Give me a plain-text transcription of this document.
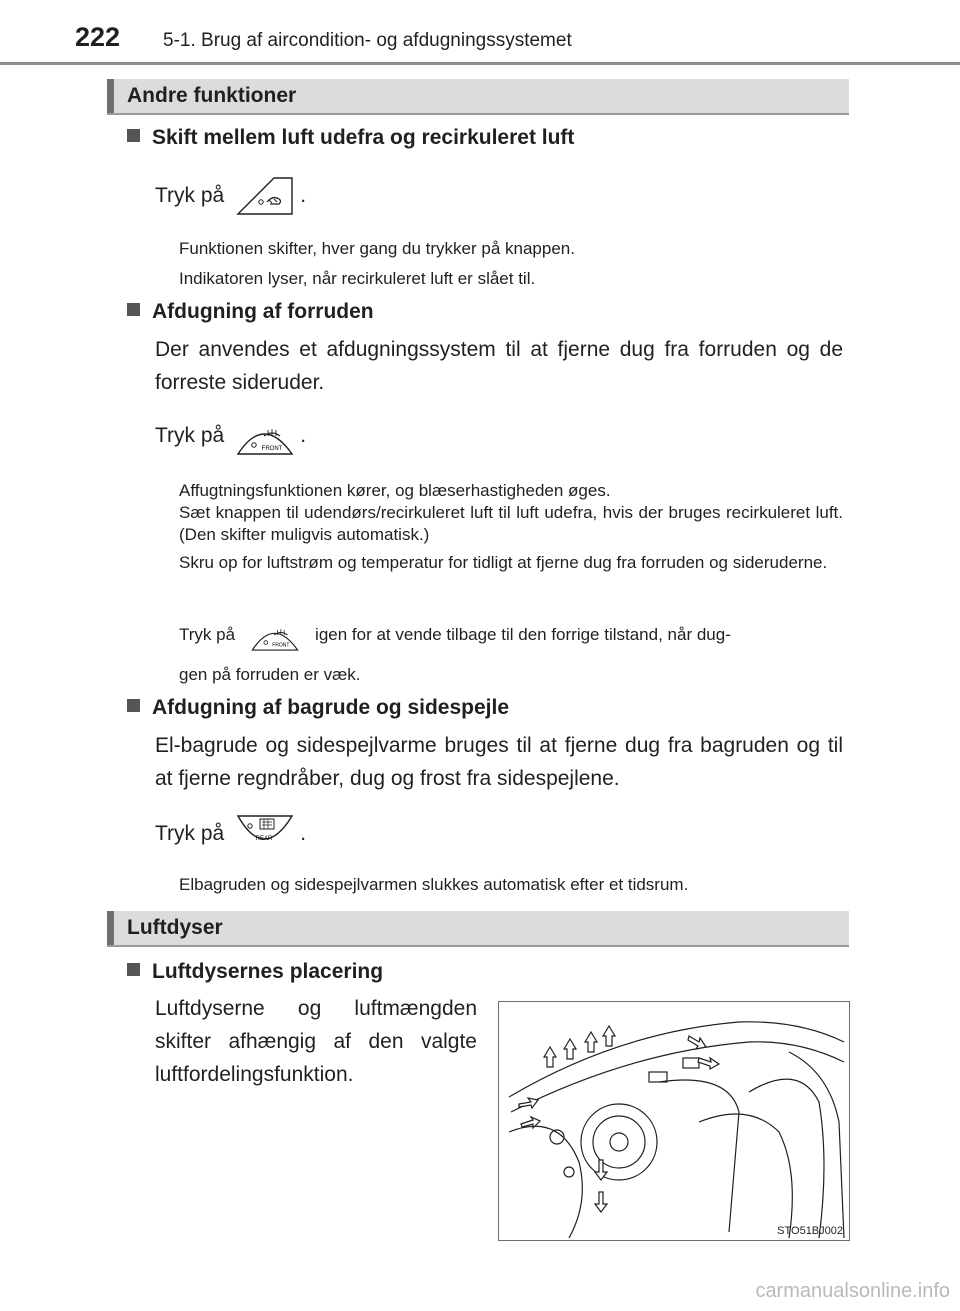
222 5-1. Brug af aircondition- og afdugningssystemet
Andre funktioner
Skift mellem luft udefra og recirkuleret luft
Tryk på	.
Funktionen skifter, hver gang du trykker på knappen.
Indikatoren lyser, når recirkuleret luft er slået til.
Afdugning af forruden
Der anvendes et afdugningssystem til at fjerne dug fra forruden og de forreste sideruder.
Tryk på
FRONT
.
Affugtningsfunktionen kører, og blæserhastigheden øges.
Sæt knappen til udendørs/recirkuleret luft til luft udefra, hvis der bruges recirkuleret luft. (Den skifter muligvis automatisk.)
Skru op for luftstrøm og temperatur for tidligt at fjerne dug fra forruden og sideruderne.
Tryk på
FRONT
igen for at vende tilbage til den forrige tilstand, når dug-
gen på forruden er væk.
Afdugning af bagrude og sidespejle
El-bagrude og sidespejlvarme bruges til at fjerne dug fra bagruden og til at fjerne regndråber, dug og frost fra sidespejlene.
Tryk på	REAR .
Elbagruden og sidespejlvarmen slukkes automatisk efter et tidsrum.
Luftdyser
Luftdysernes placering
Luftdyserne og luftmængden skifter afhængig af den valgte luftfordelingsfunktion.
STO51BJ002
carmanualsonline.info
